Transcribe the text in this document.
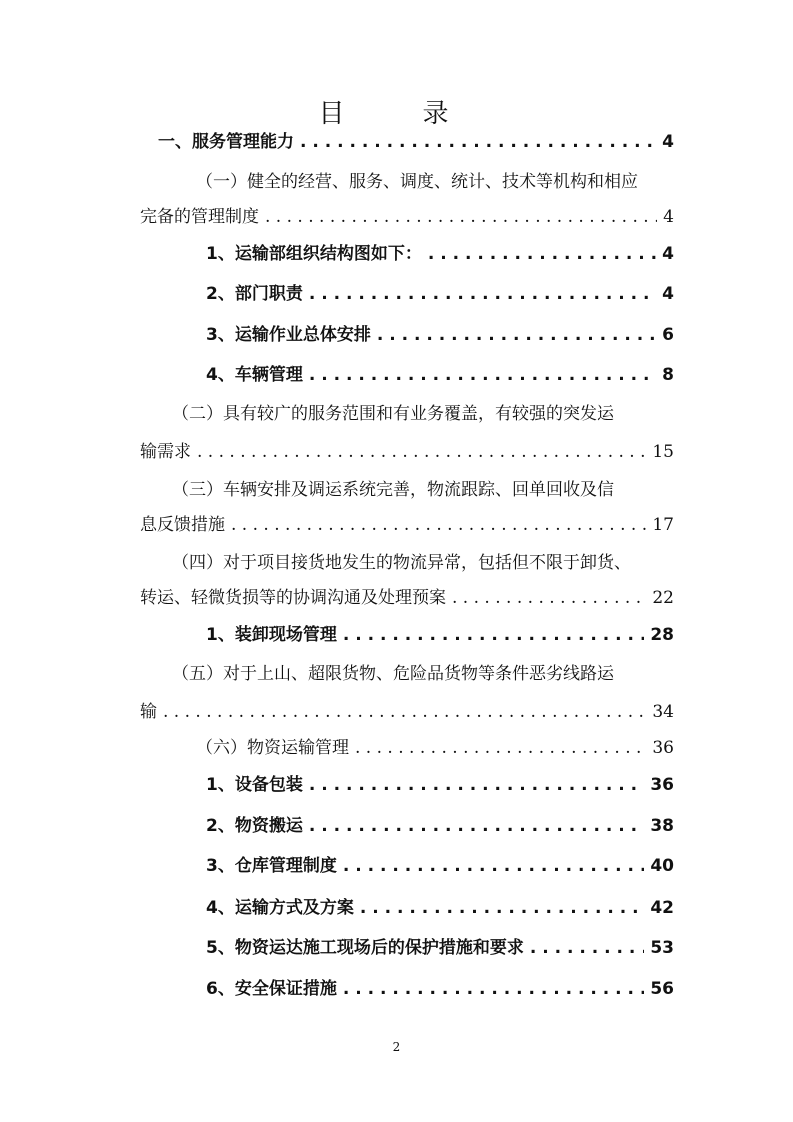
目　录
一、服务管理能力 . . .	4
（一）健全的经营、服务、调度、统计、技术等机构和相应
完备的管理制度 . . .	4
1、运输部组织结构图如下： . . .	4
2、部门职责 . . .	4
3、运输作业总体安排 . . .	6
4、车辆管理 . . .	8
（二）具有较广的服务范围和有业务覆盖，有较强的突发运
输需求 . . .	15
（三）车辆安排及调运系统完善，物流跟踪、回单回收及信
息反馈措施 . . .	17
（四）对于项目接货地发生的物流异常，包括但不限于卸货、
转运、轻微货损等的协调沟通及处理预案 . . .	22
1、装卸现场管理 . . .	28
（五）对于上山、超限货物、危险品货物等条件恶劣线路运
输 . . .	34
（六）物资运输管理 . . .	36
1、设备包装 . . .	36
2、物资搬运 . . .	38
3、仓库管理制度 . . .	40
4、运输方式及方案 . . .	42
5、物资运达施工现场后的保护措施和要求 . . .	53
6、安全保证措施 . . .	56
2
